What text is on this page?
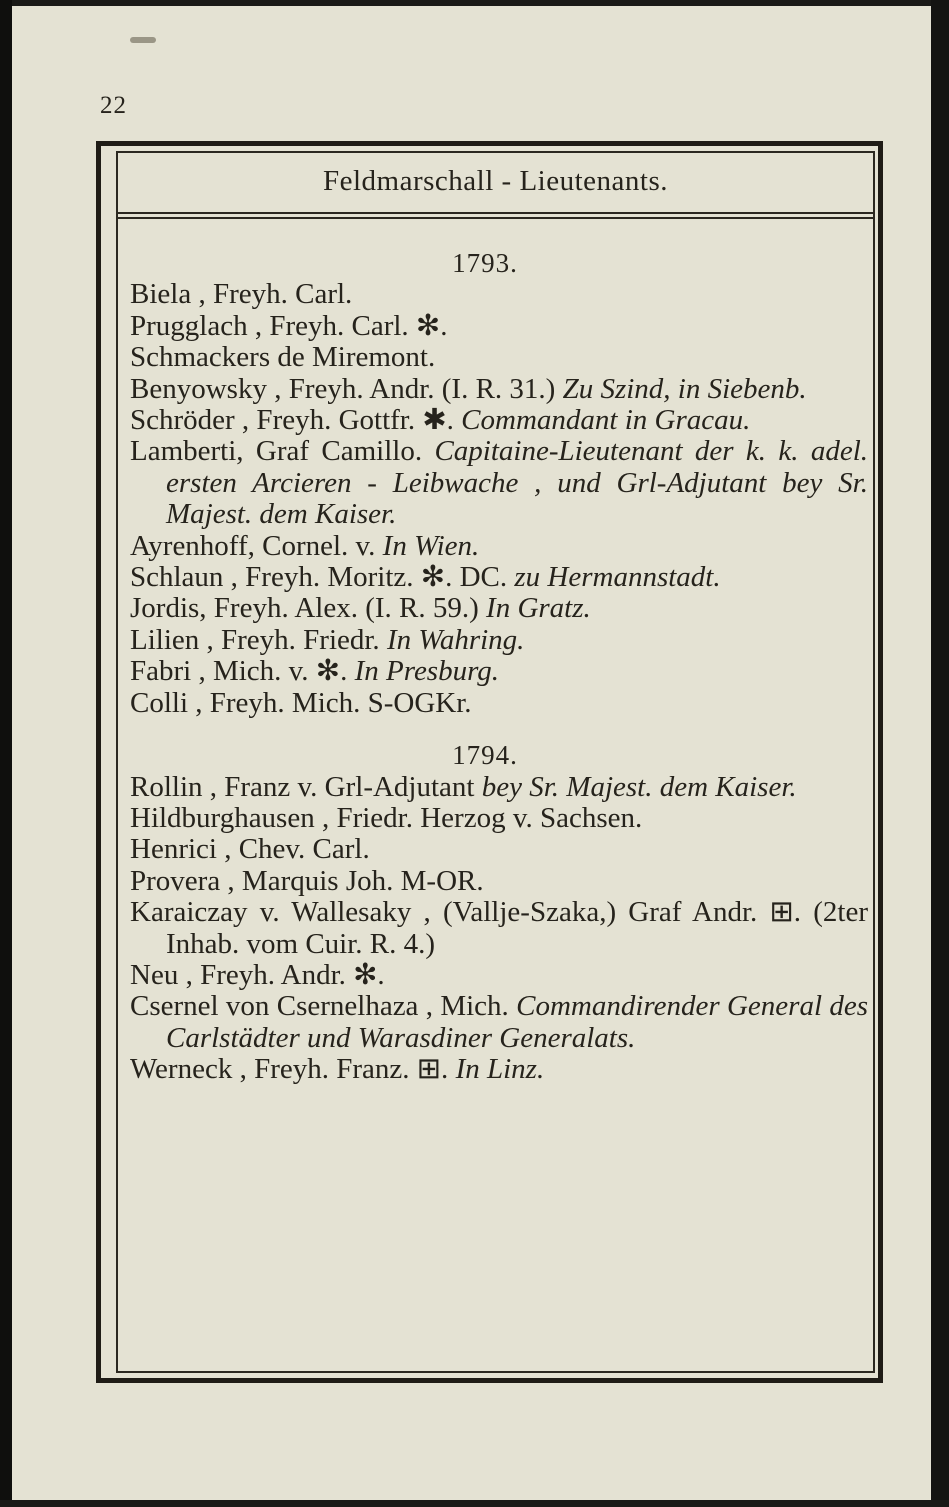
22
Feldmarschall - Lieutenants.
1793.
Biela , Freyh. Carl.
Prugglach , Freyh. Carl. ✻.
Schmackers de Miremont.
Benyowsky , Freyh. Andr. (I. R. 31.) Zu Szind, in Siebenb.
Schröder , Freyh. Gottfr. ✱. Commandant in Gracau.
Lamberti, Graf Camillo. Capitaine-Lieutenant der k. k. adel. ersten Arcieren - Leibwache , und Grl-Adjutant bey Sr. Majest. dem Kaiser.
Ayrenhoff, Cornel. v. In Wien.
Schlaun , Freyh. Moritz. ✻. DC. zu Hermannstadt.
Jordis, Freyh. Alex. (I. R. 59.) In Gratz.
Lilien , Freyh. Friedr. In Wahring.
Fabri , Mich. v. ✻. In Presburg.
Colli , Freyh. Mich. S-OGKr.
1794.
Rollin , Franz v. Grl-Adjutant bey Sr. Majest. dem Kaiser.
Hildburghausen , Friedr. Herzog v. Sachsen.
Henrici , Chev. Carl.
Provera , Marquis Joh. M-OR.
Karaiczay v. Wallesaky , (Vallje-Szaka,) Graf Andr. ⊞. (2ter Inhab. vom Cuir. R. 4.)
Neu , Freyh. Andr. ✻.
Csernel von Csernelhaza , Mich. Commandirender General des Carlstädter und Warasdiner Generalats.
Werneck , Freyh. Franz. ⊞. In Linz.
